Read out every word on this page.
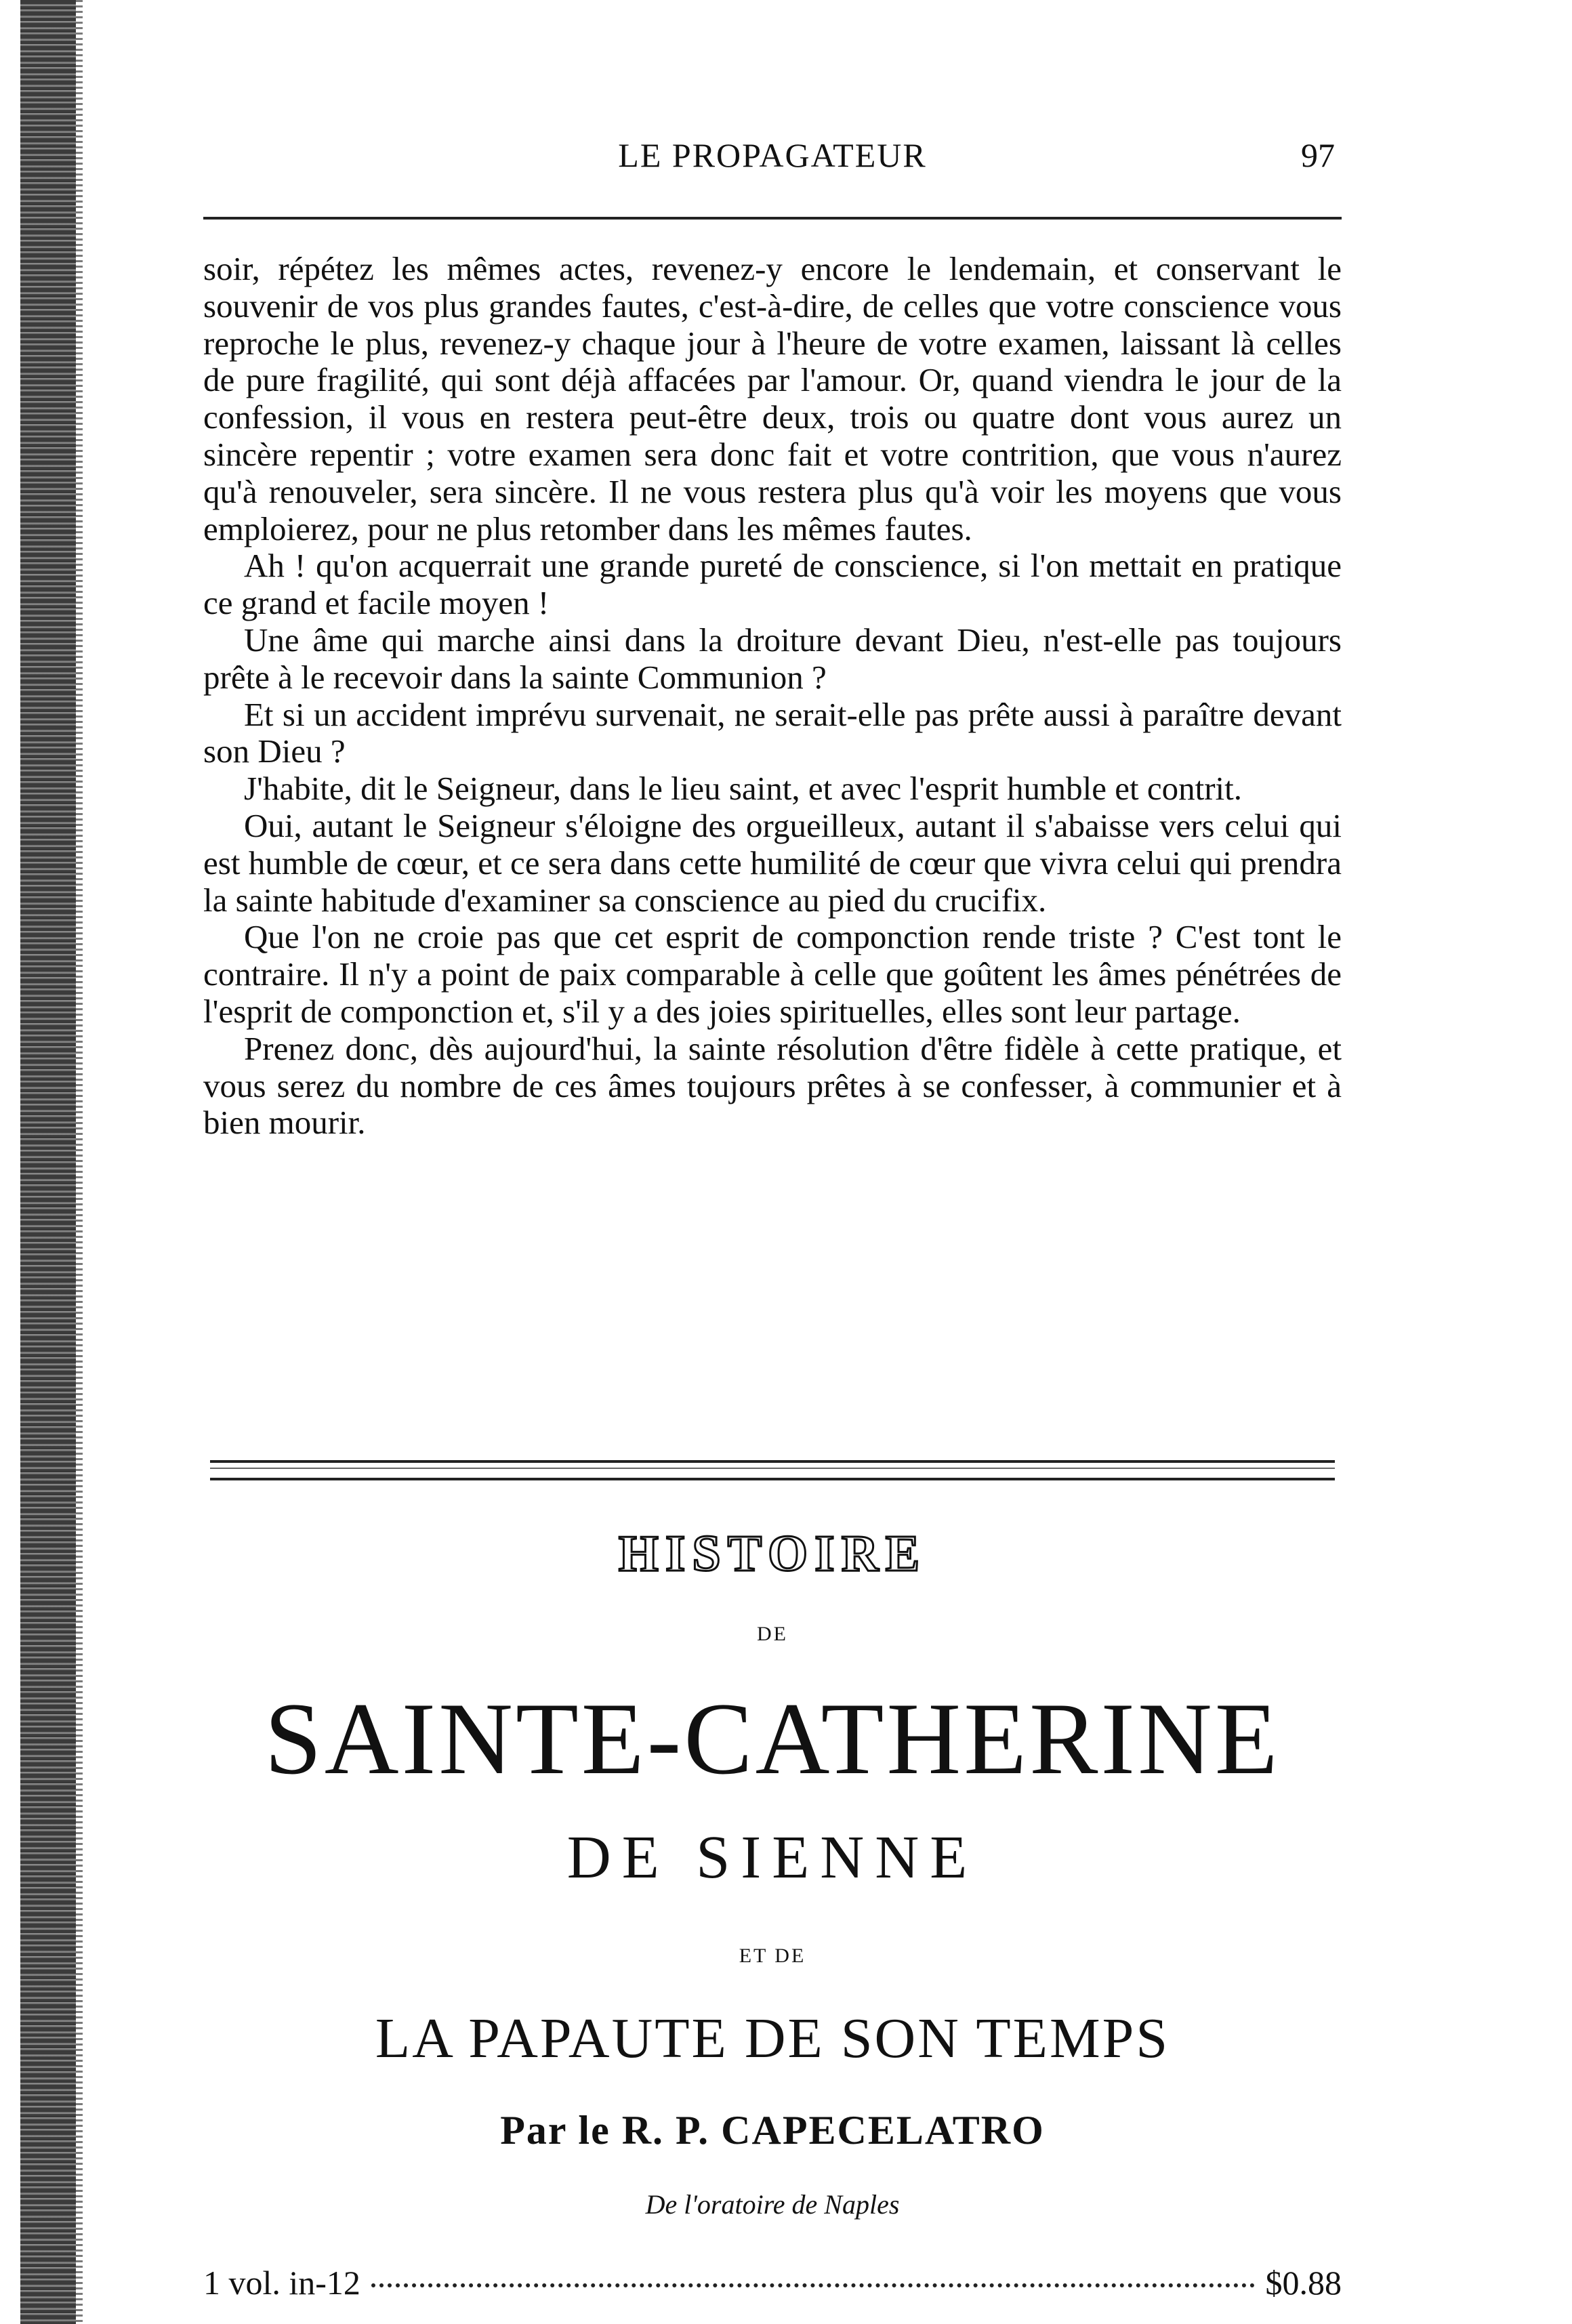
LE PROPAGATEUR	97

soir, répétez les mêmes actes, revenez-y encore le lendemain, et conservant le souvenir de vos plus grandes fautes, c'est-à-dire, de celles que votre conscience vous reproche le plus, revenez-y chaque jour à l'heure de votre examen, laissant là celles de pure fragilité, qui sont déjà affacées par l'amour. Or, quand viendra le jour de la confession, il vous en restera peut-être deux, trois ou quatre dont vous aurez un sincère repentir ; votre examen sera donc fait et votre contrition, que vous n'aurez qu'à renouveler, sera sincère. Il ne vous restera plus qu'à voir les moyens que vous emploierez, pour ne plus retomber dans les mêmes fautes.

Ah ! qu'on acquerrait une grande pureté de conscience, si l'on mettait en pratique ce grand et facile moyen !

Une âme qui marche ainsi dans la droiture devant Dieu, n'est-elle pas toujours prête à le recevoir dans la sainte Communion ?

Et si un accident imprévu survenait, ne serait-elle pas prête aussi à paraître devant son Dieu ?

J'habite, dit le Seigneur, dans le lieu saint, et avec l'esprit humble et contrit.

Oui, autant le Seigneur s'éloigne des orgueilleux, autant il s'abaisse vers celui qui est humble de cœur, et ce sera dans cette humilité de cœur que vivra celui qui prendra la sainte habitude d'examiner sa conscience au pied du crucifix.

Que l'on ne croie pas que cet esprit de componction rende triste ? C'est tont le contraire. Il n'y a point de paix comparable à celle que goûtent les âmes pénétrées de l'esprit de componction et, s'il y a des joies spirituelles, elles sont leur partage.

Prenez donc, dès aujourd'hui, la sainte résolution d'être fidèle à cette pratique, et vous serez du nombre de ces âmes toujours prêtes à se confesser, à communier et à bien mourir.

HISTOIRE
DE
SAINTE-CATHERINE
DE SIENNE
ET DE
LA PAPAUTE DE SON TEMPS
Par le R. P. CAPECELATRO
De l'oratoire de Naples
1 vol. in-12	$0.88
